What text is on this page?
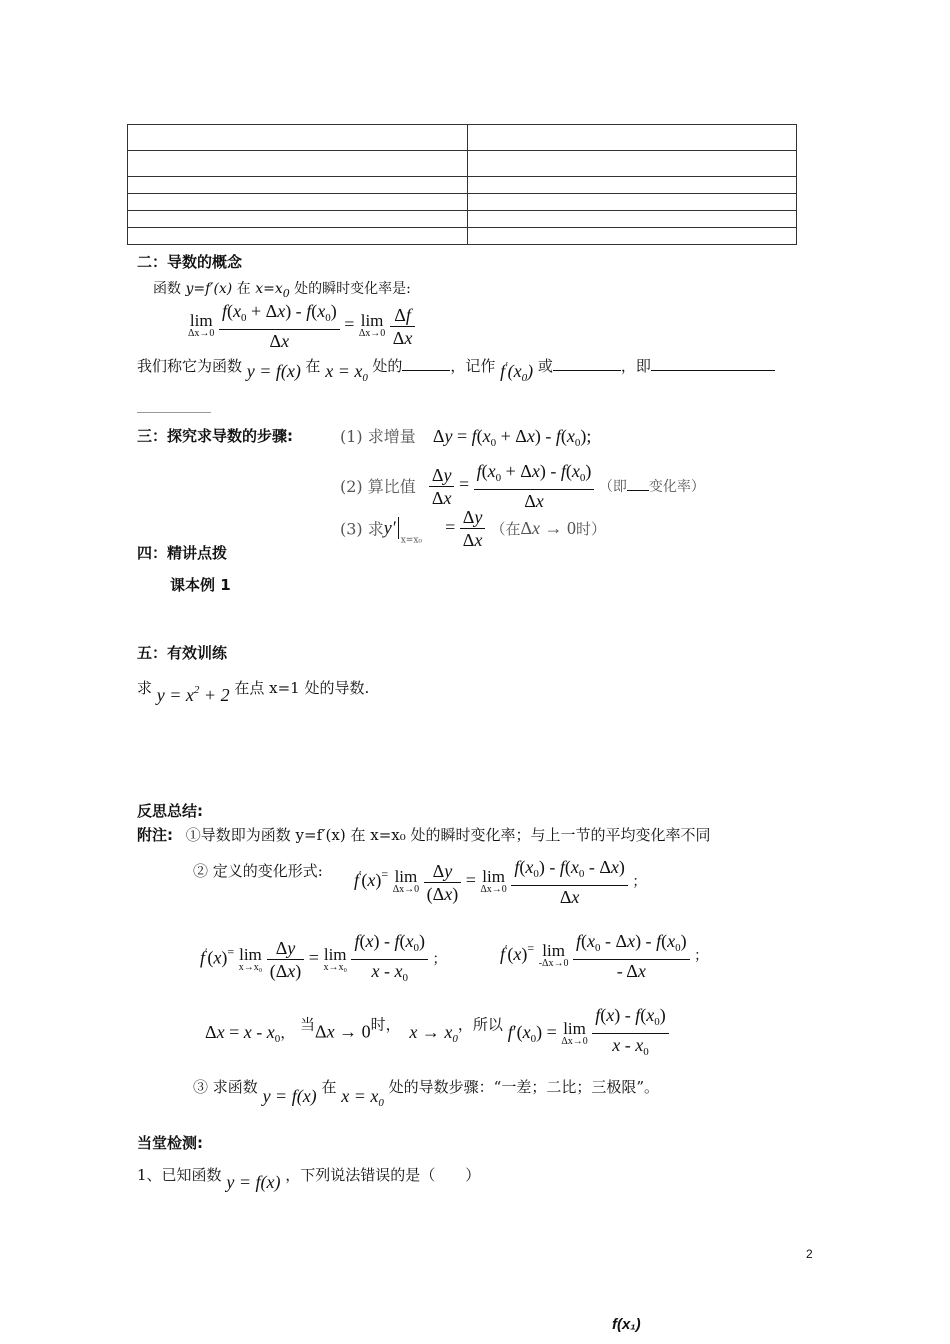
二：导数的概念
函数 y=f′(x) 在 $x=x_0$ 处的瞬时变化率是:
lim
Δx→0
$\frac{f(x_0 + \Delta x) - f(x_0)}{\Delta x} = \lim$
Δx→0
$\frac{\Delta f}{\Delta x}$
我们称它为函数 y = f(x) 在 $x = x_0$ 处的	，记作 $f'(x_0)$ 或	，即
三：探究求导数的步骤:	(1) 求增量 $\Delta y = f(x_0 + \Delta x) - f(x_0)$;
(2) 算比值 $\frac{\Delta y}{\Delta x} = \frac{f(x_0 + \Delta x) - f(x_0)}{\Delta x}$ （即 变化率）
(3) 求$y'_{x=x_0} = \frac{\Delta y}{\Delta x}$ （在Δx → 0时）
四：精讲点拨
课本例 1
五：有效训练
求 $y = x^2 + 2$ 在点 x=1 处的导数.
反思总结:
附注: ①导数即为函数 y=f′(x) 在 x=x₀ 处的瞬时变化率；与上一节的平均变化率不同
② 定义的变化形式: f′(x)= lim
Δx→0
$\frac{\Delta y}{(\Delta x)} = \lim$
Δx→0
$\frac{f(x_0) - f(x_0 - \Delta x)}{\Delta x}$ ；
f′(x)= lim
x→x₀
$\frac{\Delta y}{(\Delta x)} = \lim$
x→x₀
$\frac{f(x) - f(x_0)}{x - x_0}$ ；	f′(x)= lim
-Δx→0
$\frac{f(x_0 - \Delta x) - f(x_0)}{- \Delta x}$ ；
$\Delta x = x - x_0$， 当Δx → 0时， $x \to x_0$，所以 $f'(x_0) = \lim$
Δx→0
$\frac{f(x) - f(x_0)}{x - x_0}$
③ 求函数 y = f(x) 在 $x = x_0$ 处的导数步骤：“一差；二比；三极限”。
当堂检测:
1、已知函数 y = f(x) ，下列说法错误的是（　　）
2
f(x₁)
